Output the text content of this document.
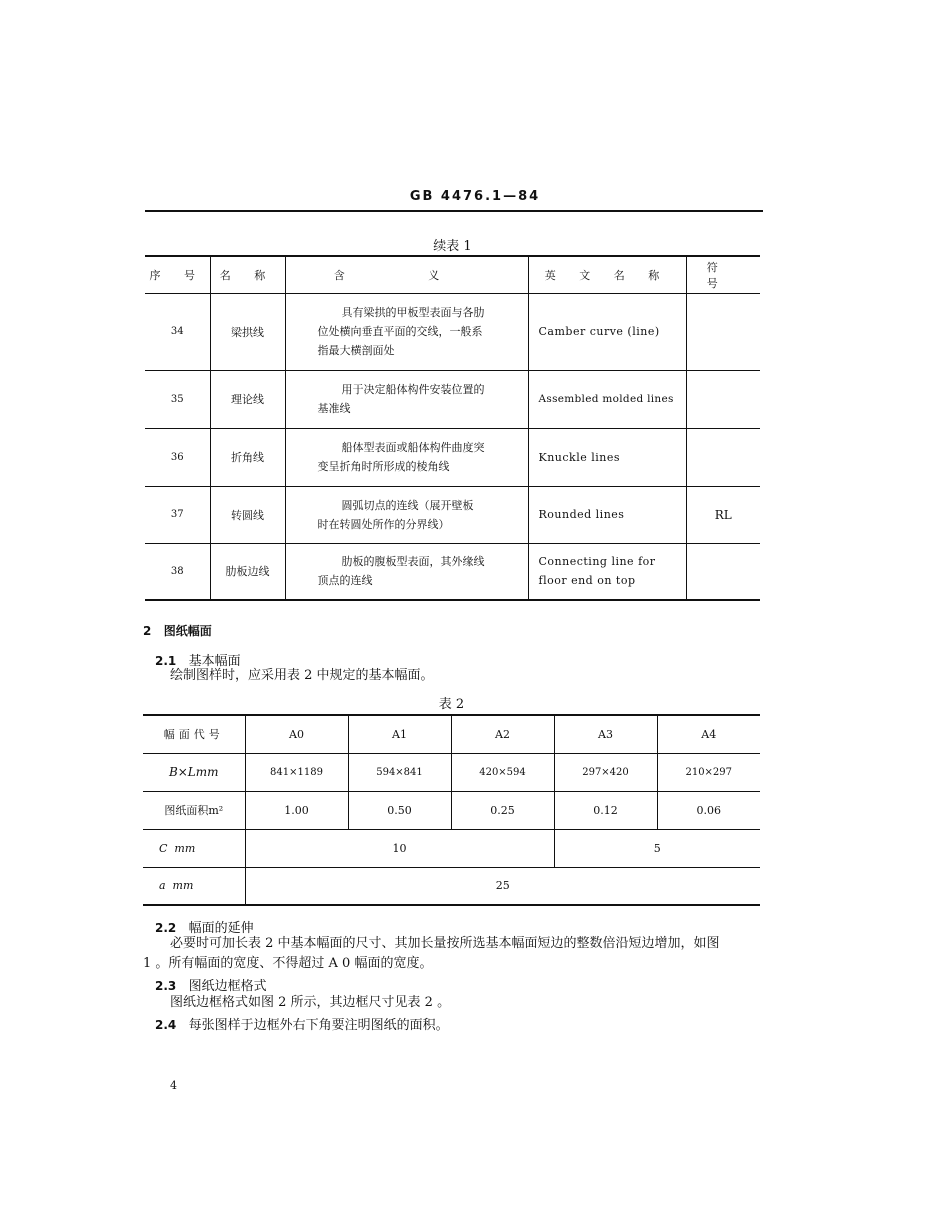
GB 4476.1—84
续表 1
序 号	名 称	含 义	英 文 名 称	符 号
34	梁拱线	具有梁拱的甲板型表面与各肋
位处横向垂直平面的交线，一般系
指最大横剖面处	Camber curve (line)	
35	理论线	用于决定船体构件安装位置的
基准线	Assembled molded lines	
36	折角线	船体型表面或船体构件曲度突
变呈折角时所形成的棱角线	Knuckle lines	
37	转圆线	圆弧切点的连线（展开壁板
时在转圆处所作的分界线）	Rounded lines	RL
38	肋板边线	肋板的腹板型表面，其外缘线
顶点的连线	Connecting line for
floor end on top	
2 图纸幅面
2.1 基本幅面
绘制图样时，应采用表 2 中规定的基本幅面。
表 2
幅面代号	A0	A1	A2	A3	A4
B×Lmm	841×1189	594×841	420×594	297×420	210×297
图纸面积m²	1.00	0.50	0.25	0.12	0.06
C  mm	10			5	
a  mm	25				
2.2 幅面的延伸
必要时可加长表 2 中基本幅面的尺寸、其加长量按所选基本幅面短边的整数倍沿短边增加，如图
1 。所有幅面的宽度、不得超过 A 0 幅面的宽度。
2.3 图纸边框格式
图纸边框格式如图 2 所示，其边框尺寸见表 2 。
2.4 每张图样于边框外右下角要注明图纸的面积。
4
